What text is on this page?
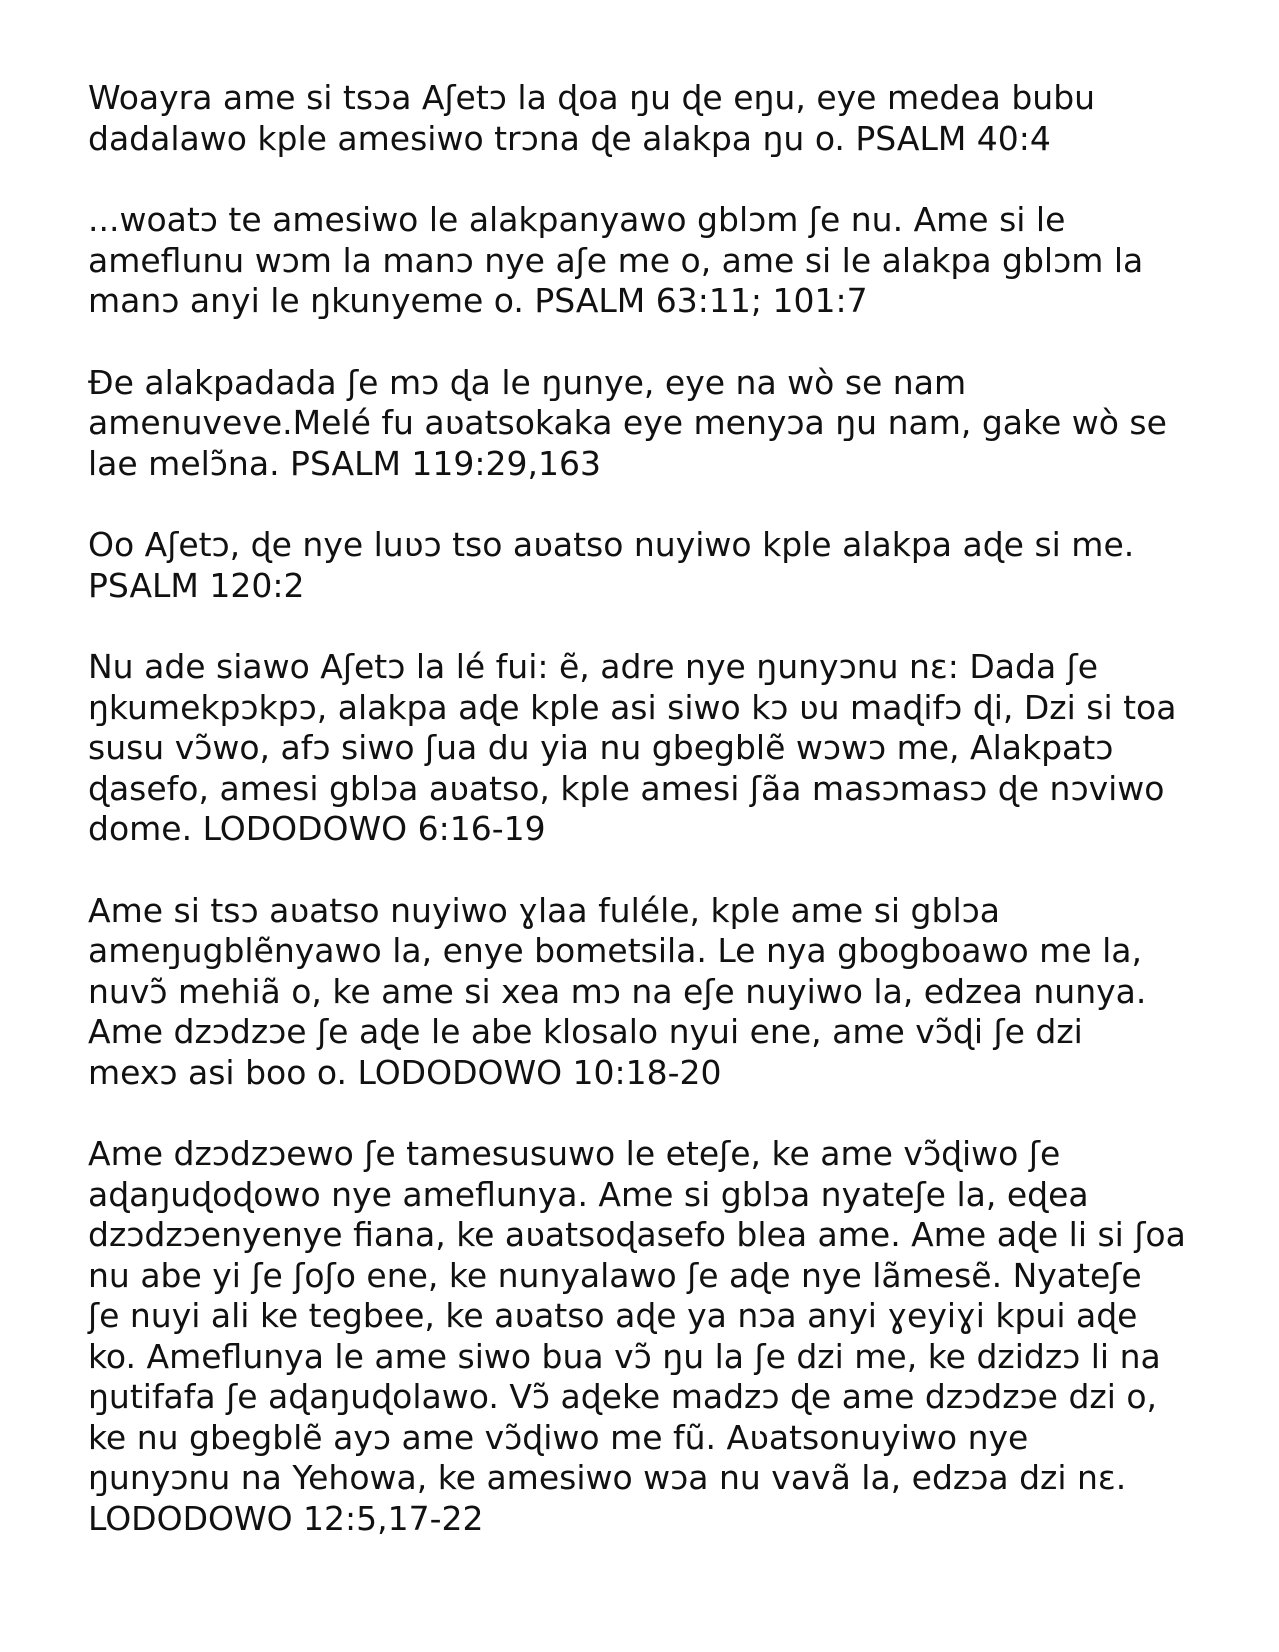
Woayra ame si tsɔa Aʃetɔ la ɖoa ŋu ɖe eŋu, eye medea bubu
dadalawo kple amesiwo trɔna ɖe alakpa ŋu o. PSALM 40:4

...woatɔ te amesiwo le alakpanyawo gblɔm ʃe nu. Ame si le
ameflunu wɔm la manɔ nye aʃe me o, ame si le alakpa gblɔm la
manɔ anyi le ŋkunyeme o. PSALM 63:11; 101:7

Ɖe alakpadada ʃe mɔ ɖa le ŋunye, eye na wò se nam
amenuveve.Melé fu aʋatsokaka eye menyɔa ŋu nam, gake wò se
lae melɔ̃na. PSALM 119:29,163

Oo Aʃetɔ, ɖe nye luʋɔ tso aʋatso nuyiwo kple alakpa aɖe si me.
PSALM 120:2

Nu ade siawo Aʃetɔ la lé fui: ẽ, adre nye ŋunyɔnu nɛ: Dada ʃe
ŋkumekpɔkpɔ, alakpa aɖe kple asi siwo kɔ ʋu maɖifɔ ɖi, Dzi si toa
susu vɔ̃wo, afɔ siwo ʃua du yia nu gbegblẽ wɔwɔ me, Alakpatɔ
ɖasefo, amesi gblɔa aʋatso, kple amesi ʃãa masɔmasɔ ɖe nɔviwo
dome. LODODOWO 6:16-19

Ame si tsɔ aʋatso nuyiwo ɣlaa fuléle, kple ame si gblɔa
ameŋugblẽnyawo la, enye bometsila. Le nya gbogboawo me la,
nuvɔ̃ mehiã o, ke ame si xea mɔ na eʃe nuyiwo la, edzea nunya.
Ame dzɔdzɔe ʃe aɖe le abe klosalo nyui ene, ame vɔ̃ɖi ʃe dzi
mexɔ asi boo o. LODODOWO 10:18-20

Ame dzɔdzɔewo ʃe tamesusuwo le eteʃe, ke ame vɔ̃ɖiwo ʃe
aɖaŋuɖoɖowo nye ameflunya. Ame si gblɔa nyateʃe la, eɖea
dzɔdzɔenyenye fiana, ke aʋatsoɖasefo blea ame. Ame aɖe li si ʃoa
nu abe yi ʃe ʃoʃo ene, ke nunyalawo ʃe aɖe nye lãmesẽ. Nyateʃe
ʃe nuyi ali ke tegbee, ke aʋatso aɖe ya nɔa anyi ɣeyiɣi kpui aɖe
ko. Ameflunya le ame siwo bua vɔ̃ ŋu la ʃe dzi me, ke dzidzɔ li na
ŋutifafa ʃe aɖaŋuɖolawo. Vɔ̃ aɖeke madzɔ ɖe ame dzɔdzɔe dzi o,
ke nu gbegblẽ ayɔ ame vɔ̃ɖiwo me fũ. Aʋatsonuyiwo nye
ŋunyɔnu na Yehowa, ke amesiwo wɔa nu vavã la, edzɔa dzi nɛ.
LODODOWO 12:5,17-22
